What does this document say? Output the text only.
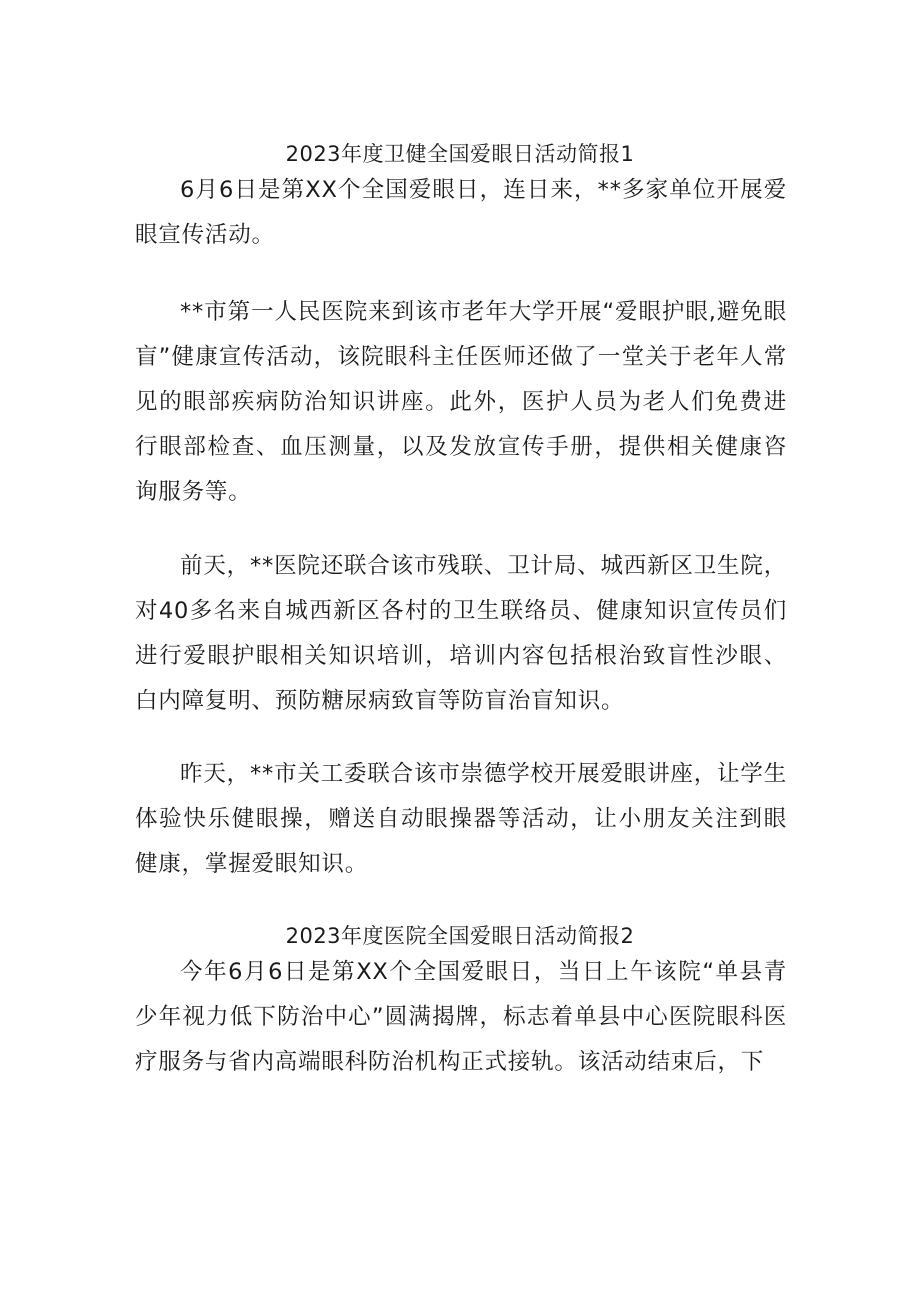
2023年度卫健全国爱眼日活动简报1

6月6日是第XX个全国爱眼日，连日来，**多家单位开展爱眼宣传活动。

**市第一人民医院来到该市老年大学开展“爱眼护眼,避免眼盲”健康宣传活动，该院眼科主任医师还做了一堂关于老年人常见的眼部疾病防治知识讲座。此外，医护人员为老人们免费进行眼部检查、血压测量，以及发放宣传手册，提供相关健康咨询服务等。

前天，**医院还联合该市残联、卫计局、城西新区卫生院，对40多名来自城西新区各村的卫生联络员、健康知识宣传员们进行爱眼护眼相关知识培训，培训内容包括根治致盲性沙眼、白内障复明、预防糖尿病致盲等防盲治盲知识。

昨天，**市关工委联合该市崇德学校开展爱眼讲座，让学生体验快乐健眼操，赠送自动眼操器等活动，让小朋友关注到眼健康，掌握爱眼知识。

2023年度医院全国爱眼日活动简报2

今年6月6日是第XX个全国爱眼日，当日上午该院“单县青少年视力低下防治中心”圆满揭牌，标志着单县中心医院眼科医疗服务与省内高端眼科防治机构正式接轨。该活动结束后，下
